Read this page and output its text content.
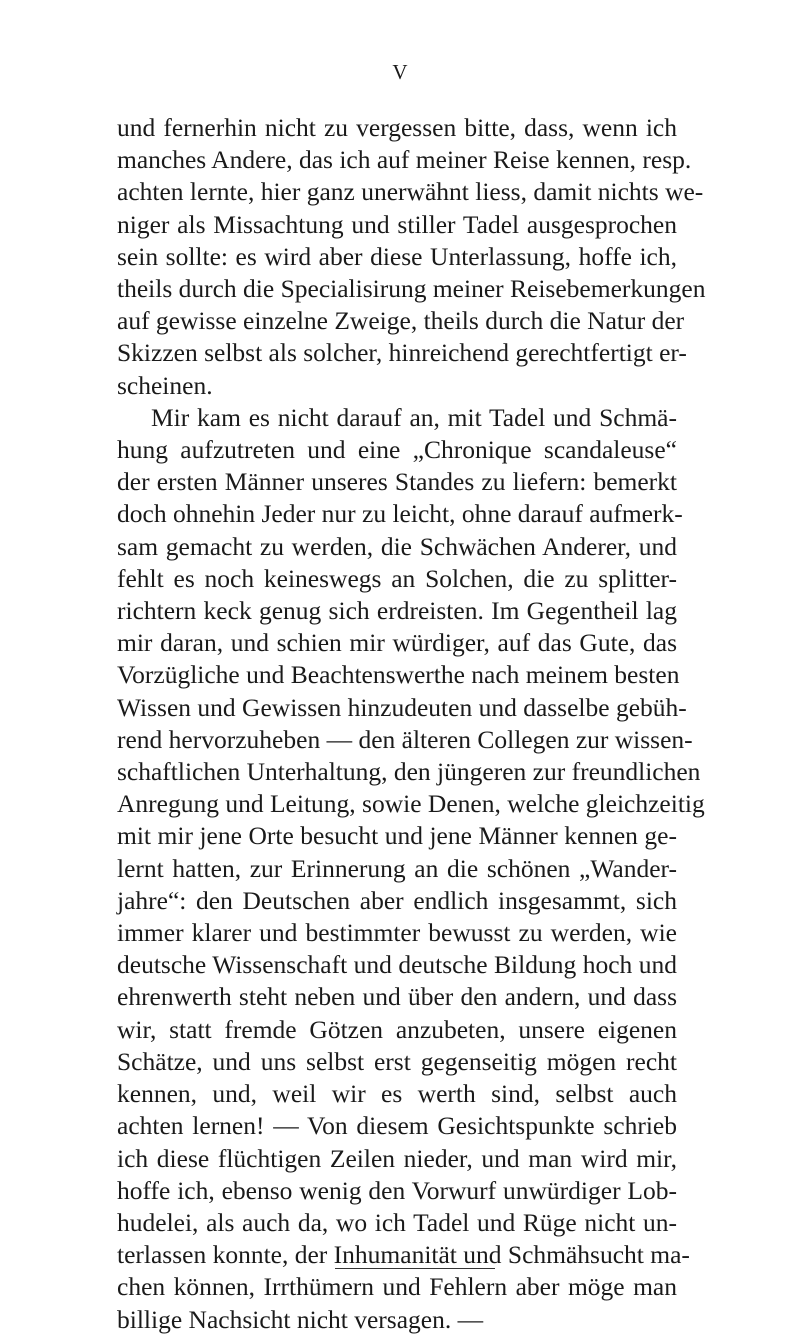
V
und fernerhin nicht zu vergessen bitte, dass, wenn ich
manches Andere, das ich auf meiner Reise kennen, resp.
achten lernte, hier ganz unerwähnt liess, damit nichts we-
niger als Missachtung und stiller Tadel ausgesprochen
sein sollte: es wird aber diese Unterlassung, hoffe ich,
theils durch die Specialisirung meiner Reisebemerkungen
auf gewisse einzelne Zweige, theils durch die Natur der
Skizzen selbst als solcher, hinreichend gerechtfertigt er-
scheinen.
Mir kam es nicht darauf an, mit Tadel und Schmä-
hung aufzutreten und eine „Chronique scandaleuse“
der ersten Männer unseres Standes zu liefern: bemerkt
doch ohnehin Jeder nur zu leicht, ohne darauf aufmerk-
sam gemacht zu werden, die Schwächen Anderer, und
fehlt es noch keineswegs an Solchen, die zu splitter-
richtern keck genug sich erdreisten. Im Gegentheil lag
mir daran, und schien mir würdiger, auf das Gute, das
Vorzügliche und Beachtenswerthe nach meinem besten
Wissen und Gewissen hinzudeuten und dasselbe gebüh-
rend hervorzuheben — den älteren Collegen zur wissen-
schaftlichen Unterhaltung, den jüngeren zur freundlichen
Anregung und Leitung, sowie Denen, welche gleichzeitig
mit mir jene Orte besucht und jene Männer kennen ge-
lernt hatten, zur Erinnerung an die schönen „Wander-
jahre“: den Deutschen aber endlich insgesammt, sich
immer klarer und bestimmter bewusst zu werden, wie
deutsche Wissenschaft und deutsche Bildung hoch und
ehrenwerth steht neben und über den andern, und dass
wir, statt fremde Götzen anzubeten, unsere eigenen
Schätze, und uns selbst erst gegenseitig mögen recht
kennen, und, weil wir es werth sind, selbst auch
achten lernen! — Von diesem Gesichtspunkte schrieb
ich diese flüchtigen Zeilen nieder, und man wird mir,
hoffe ich, ebenso wenig den Vorwurf unwürdiger Lob-
hudelei, als auch da, wo ich Tadel und Rüge nicht un-
terlassen konnte, der Inhumanität und Schmähsucht ma-
chen können, Irrthümern und Fehlern aber möge man
billige Nachsicht nicht versagen. —
